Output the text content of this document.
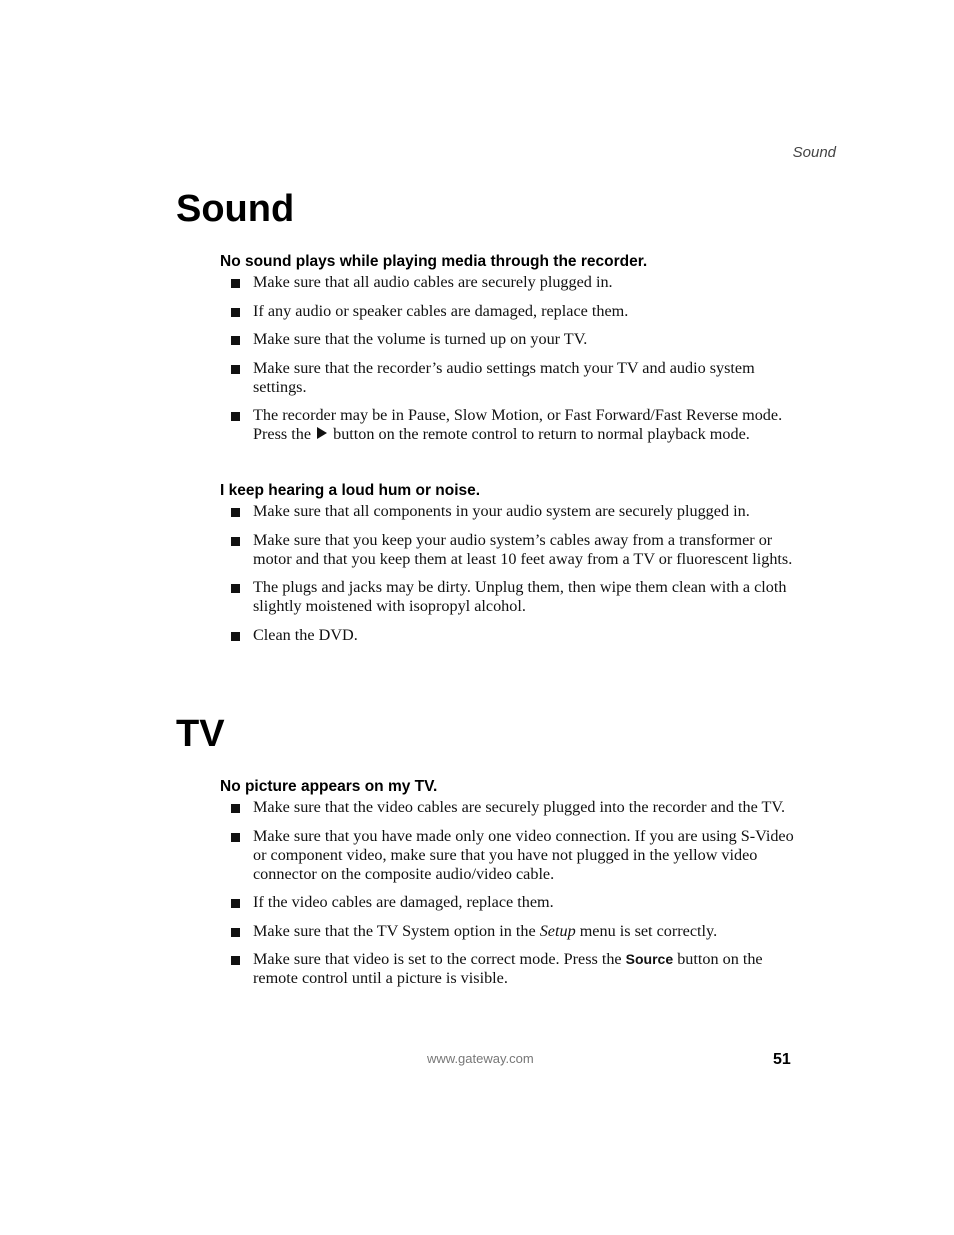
Sound
Sound
No sound plays while playing media through the recorder.
Make sure that all audio cables are securely plugged in.
If any audio or speaker cables are damaged, replace them.
Make sure that the volume is turned up on your TV.
Make sure that the recorder’s audio settings match your TV and audio system settings.
The recorder may be in Pause, Slow Motion, or Fast Forward/Fast Reverse mode. Press the button on the remote control to return to normal playback mode.
I keep hearing a loud hum or noise.
Make sure that all components in your audio system are securely plugged in.
Make sure that you keep your audio system’s cables away from a transformer or motor and that you keep them at least 10 feet away from a TV or fluorescent lights.
The plugs and jacks may be dirty. Unplug them, then wipe them clean with a cloth slightly moistened with isopropyl alcohol.
Clean the DVD.
TV
No picture appears on my TV.
Make sure that the video cables are securely plugged into the recorder and the TV.
Make sure that you have made only one video connection. If you are using S-Video or component video, make sure that you have not plugged in the yellow video connector on the composite audio/video cable.
If the video cables are damaged, replace them.
Make sure that the TV System option in the Setup menu is set correctly.
Make sure that video is set to the correct mode. Press the Source button on the remote control until a picture is visible.
www.gateway.com	51
